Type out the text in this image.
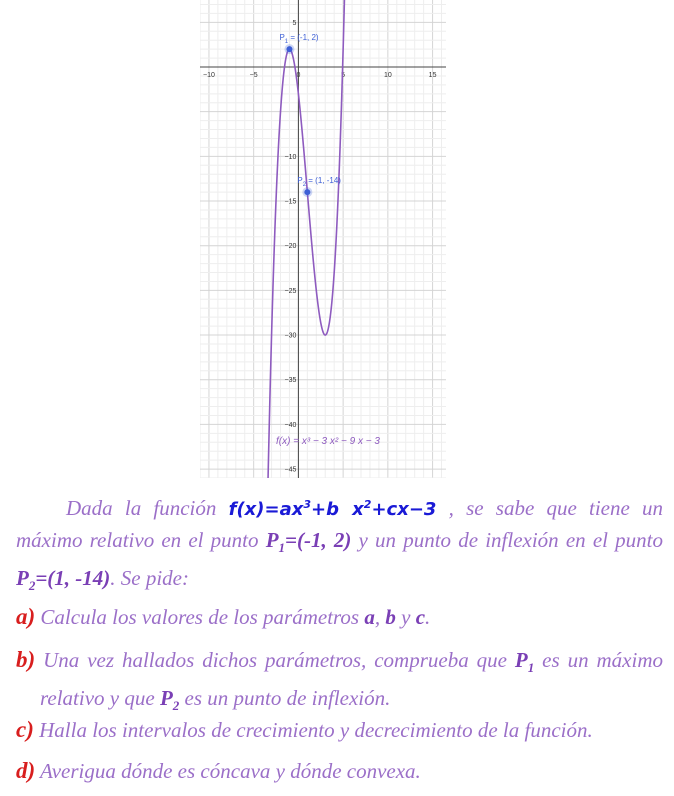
−10	−5	0	5	10	15
5
−10
−15
−20
−25
−30
−35
−40
−45
$P_1 = (-1$, 2)
$P_2 = (1$, -14)
f(x) = x³ − 3 x² − 9 x − 3
Dada la función $f(x)=ax^3+b$ $x^2+cx-3$ , se sabe que tiene un máximo relativo en el punto $P_1=(-1$, 2) y un punto de inflexión en el punto $P_2=(1$, -14). Se pide:
a) Calcula los valores de los parámetros a, b y c.
b) Una vez hallados dichos parámetros, comprueba que $P_1$ es un máximo relativo y que $P_2$ es un punto de inflexión.
c) Halla los intervalos de crecimiento y decrecimiento de la función.
d) Averigua dónde es cóncava y dónde convexa.
